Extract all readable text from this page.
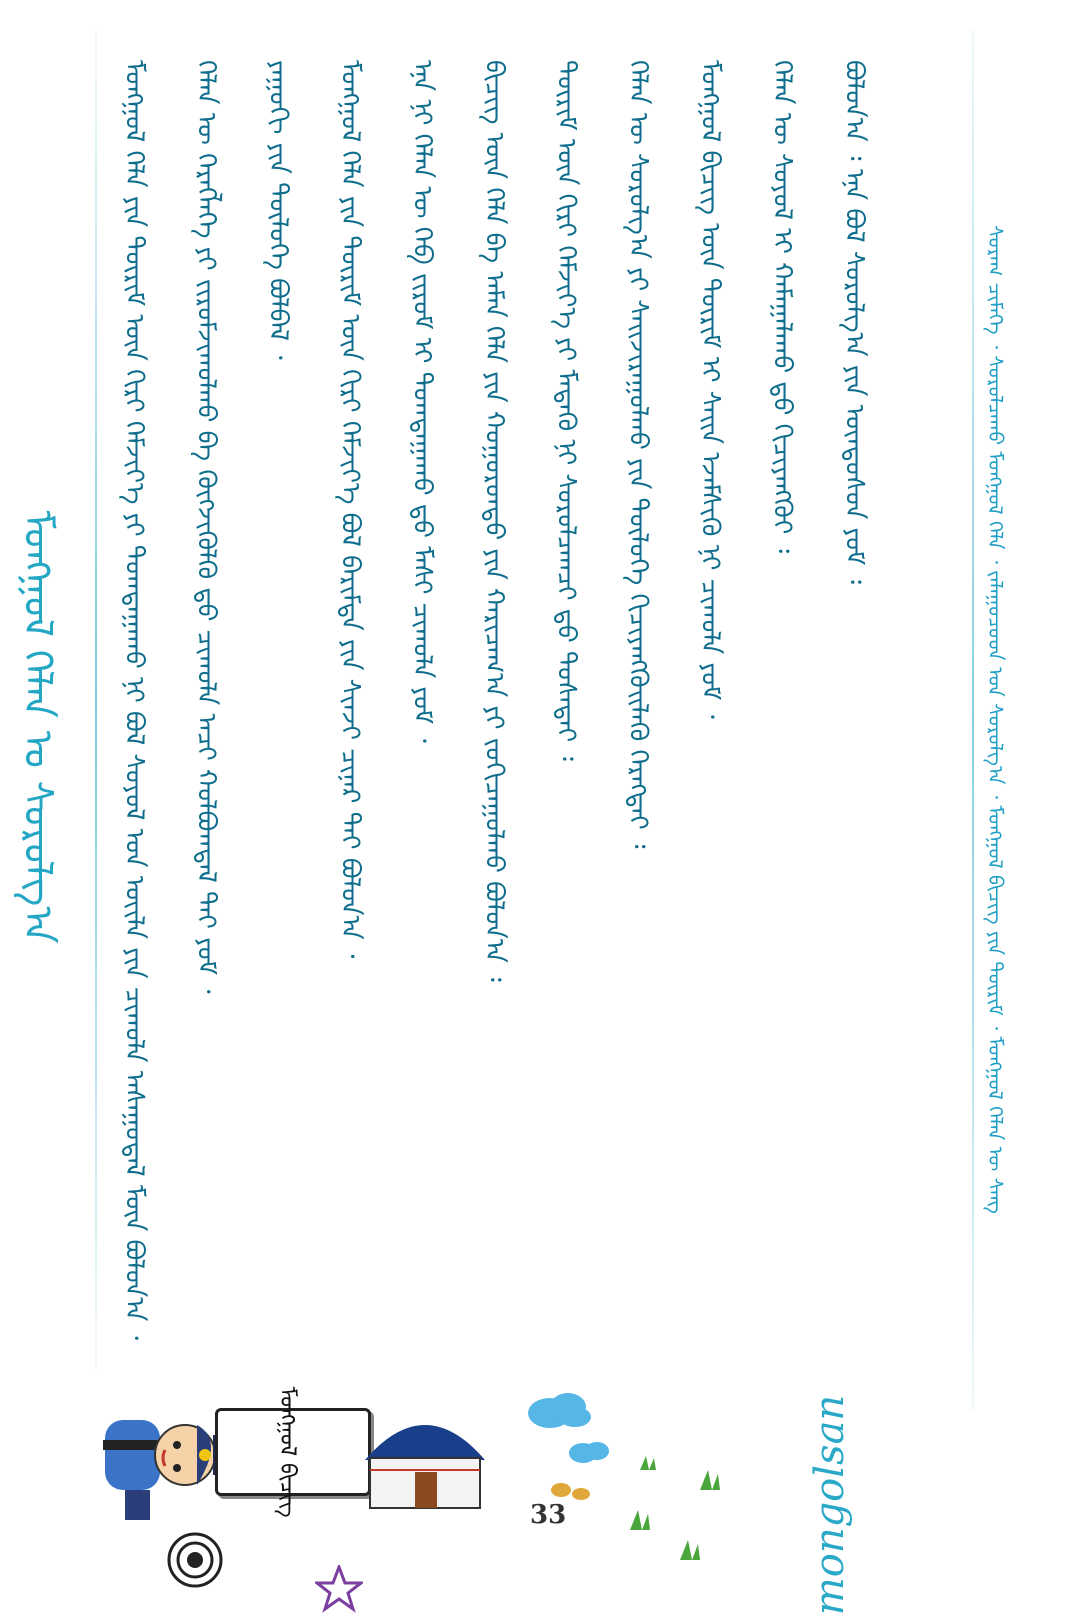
ᠮᠣᠩᠭᠣᠯ ᠬᠡᠯᠡᠨ ᠤ ᠰᠤᠷᠤᠯᠭ᠎ᠠ	ᠮᠣᠩᠭᠣᠯ ᠬᠡᠯᠡ ᠶᠢᠨ ᠳᠦᠷᠢᠮ ᠦᠨ ᠬᠢᠷᠢ ᠬᠡᠮᠵᠢᠶ᠎ᠡ ᠶᠢ ᠲᠣᠭᠲᠠᠭᠠᠬᠤ ᠨᠢ ᠪᠣᠯ ᠰᠣᠶᠣᠯ ᠤᠨ ᠦᠢᠯᠡ ᠶᠢᠨ ᠴᠢᠬᠤᠯᠠ ᠠᠰᠠᠭᠤᠳᠠᠯ ᠮᠥᠨ ᠪᠣᠯᠤᠨ᠎ᠠ ᠂	ᠬᠡᠯᠡᠨ ᠦ ᠬᠡᠷᠡᠭᠯᠡᠭᠡ ᠶᠢ ᠵᠢᠷᠤᠮᠵᠢᠬᠤᠯᠬᠤ ᠪᠠ ᠬᠥᠭᠵᠢᠭᠦᠯᠬᠦ ᠳ᠋ᠤ ᠴᠢᠬᠤᠯᠠ ᠠᠴᠢ ᠬᠣᠯᠪᠣᠭᠳᠠᠯ ᠲᠠᠢ ᠶᠤᠮ ᠂	ᠶᠠᠭᠤᠬᠢ ᠶᠢᠨ ᠲᠥᠯᠦᠭᠡ ᠪᠣᠯᠪᠠᠯ ᠂	ᠮᠣᠩᠭᠣᠯ ᠬᠡᠯᠡ ᠶᠢᠨ ᠳᠦᠷᠢᠮ ᠦᠨ ᠬᠢᠷᠢ ᠬᠡᠮᠵᠢᠶ᠎ᠡ ᠪᠣᠯ ᠪᠠᠷᠢᠮᠲᠠ ᠶᠢᠨ ᠰᠢᠨᠵᠢ ᠴᠢᠨᠠᠷ ᠲᠠᠢ ᠪᠣᠯᠤᠨ᠎ᠠ ᠂	ᠡᠨᠡ ᠨᠢ ᠬᠡᠯᠡᠨ ᠦ ᠬᠡᠪ ᠵᠢᠷᠤᠮ ᠢ ᠲᠣᠭᠲᠠᠭᠠᠬᠤ ᠳ᠋ᠤ ᠮᠠᠰᠢ ᠴᠢᠬᠤᠯᠠ ᠶᠤᠮ ᠂	ᠪᠢᠴᠢᠭ ᠦᠨ ᠬᠡᠯᠡ ᠪᠠ ᠠᠮᠠᠨ ᠬᠡᠯᠡ ᠶᠢᠨ ᠬᠣᠭᠣᠷᠣᠨᠳᠤ ᠶᠢᠨ ᠬᠠᠷᠢᠴᠠᠭ᠎ᠠ ᠶᠢ ᠵᠣᠬᠢᠴᠠᠭᠤᠯᠬᠤ ᠪᠣᠯᠤᠨ᠎ᠠ ᠄	ᠳᠦᠷᠢᠮ ᠦᠨ ᠬᠢᠷᠢ ᠬᠡᠮᠵᠢᠶ᠎ᠡ ᠶᠢ ᠮᠡᠳᠡᠬᠦ ᠨᠢ ᠰᠤᠷᠤᠯᠴᠠᠭᠴᠢ ᠳ᠋ᠤ ᠲᠤᠰᠠᠲᠠᠢ ᠄	ᠬᠡᠯᠡᠨ ᠦ ᠰᠤᠷᠤᠯᠭ᠎ᠠ ᠶᠢ ᠰᠠᠢᠵᠢᠷᠠᠭᠤᠯᠬᠤ ᠶᠢᠨ ᠲᠥᠯᠦᠭᠡ ᠬᠢᠴᠢᠶᠡᠩᠭᠦᠢᠯᠡᠬᠦ ᠬᠡᠷᠡᠭᠲᠡᠢ ᠄	ᠮᠣᠩᠭᠣᠯ ᠪᠢᠴᠢᠭ ᠦᠨ ᠳᠦᠷᠢᠮ ᠢ ᠰᠠᠢᠨ ᠡᠵᠡᠮᠰᠢᠬᠦ ᠨᠢ ᠴᠢᠬᠤᠯᠠ ᠶᠤᠮ ᠂	ᠬᠡᠯᠡᠨ ᠦ ᠰᠣᠶᠣᠯ ᠢ ᠬᠠᠮᠠᠭᠠᠯᠠᠬᠤ ᠳ᠋ᠤ ᠬᠢᠴᠢᠶᠡᠩᠭᠦᠢ ᠄	ᠪᠣᠯᠤᠨ᠎ᠠ ᠄ ᠡᠨᠡ ᠪᠣᠯ ᠰᠤᠷᠤᠯᠭ᠎ᠠ ᠶᠢᠨ ᠦᠨᠳᠦᠰᠦᠨ ᠶᠤᠮ ᠄	ᠰᠤᠷᠠᠭ ᠴᠢᠮᠡᠭᠡ ᠂ ᠰᠤᠷᠤᠯᠴᠠᠬᠤ ᠮᠣᠩᠭᠣᠯ ᠬᠡᠯᠡ ᠂ ᠵᠠᠯᠠᠭᠤᠴᠤᠳ ᠤᠨ ᠰᠤᠷᠤᠯᠭ᠎ᠠ ᠂ ᠮᠣᠩᠭᠣᠯ ᠪᠢᠴᠢᠭ ᠶᠢᠨ ᠳᠦᠷᠢᠮ ᠂ ᠮᠣᠩᠭᠣᠯ ᠬᠡᠯᠡᠨ ᠦ ᠰᠠᠩ
ᠮᠣᠩᠭᠣᠯ ᠪᠢᠴᠢᠭ	33	mongolsan
